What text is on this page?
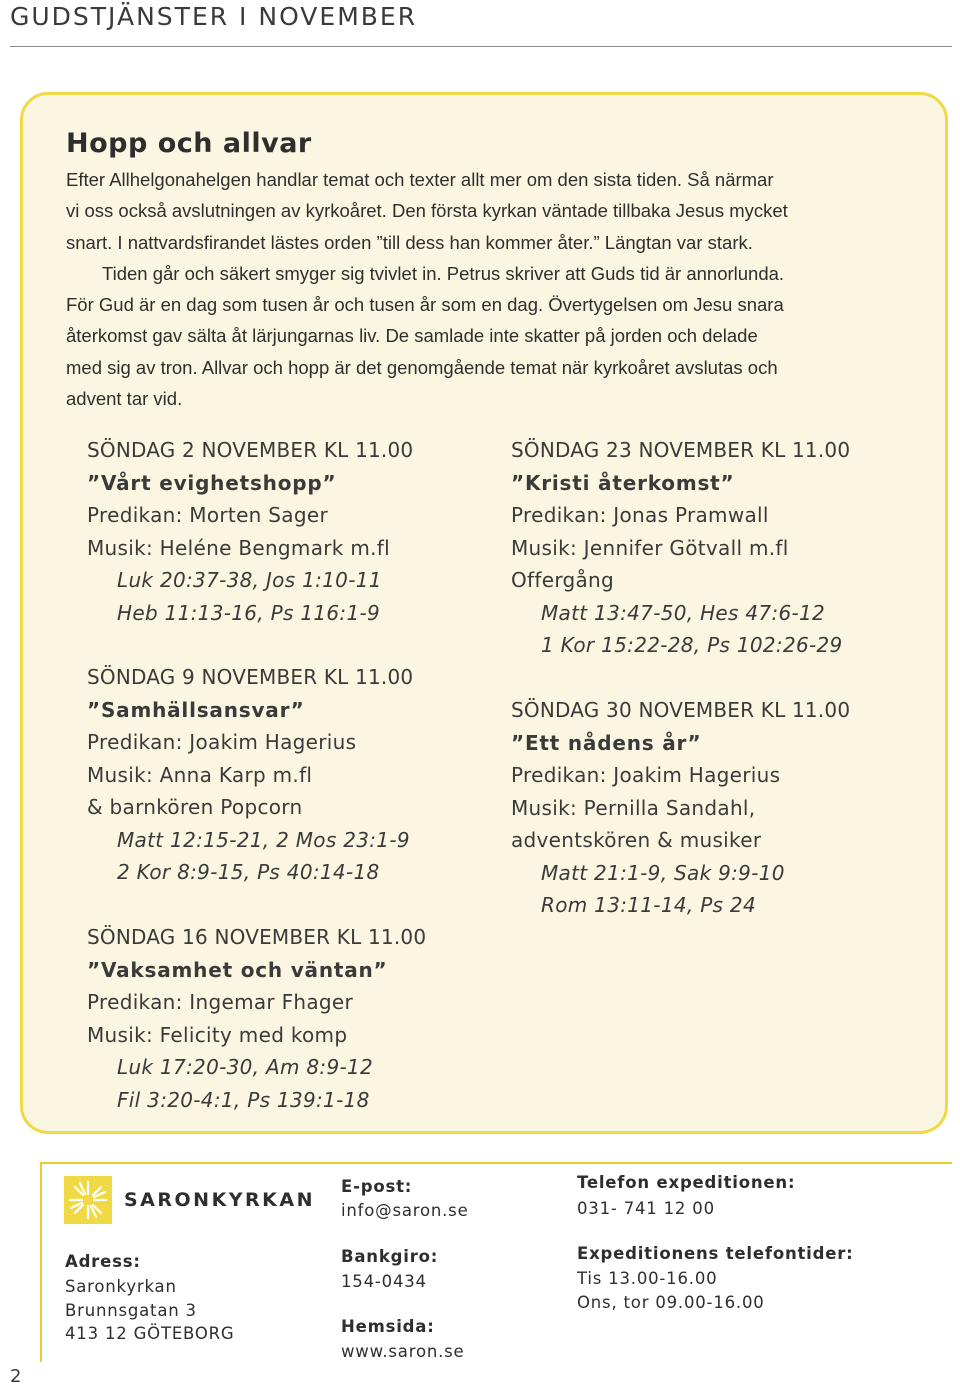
GUDSTJÄNSTER I NOVEMBER
Hopp och allvar
Efter Allhelgonahelgen handlar temat och texter allt mer om den sista tiden. Så närmar
vi oss också avslutningen av kyrkoåret. Den första kyrkan väntade tillbaka Jesus mycket
snart. I nattvardsfirandet lästes orden ”till dess han kommer åter.” Längtan var stark.
Tiden går och säkert smyger sig tvivlet in. Petrus skriver att Guds tid är annorlunda.
För Gud är en dag som tusen år och tusen år som en dag. Övertygelsen om Jesu snara
återkomst gav sälta åt lärjungarnas liv. De samlade inte skatter på jorden och delade
med sig av tron. Allvar och hopp är det genomgående temat när kyrkoåret avslutas och
advent tar vid.
SÖNDAG 2 NOVEMBER KL 11.00
”Vårt evighetshopp”
Predikan: Morten Sager
Musik: Heléne Bengmark m.fl
Luk 20:37-38, Jos 1:10-11
Heb 11:13-16, Ps 116:1-9
SÖNDAG 9 NOVEMBER KL 11.00
”Samhällsansvar”
Predikan: Joakim Hagerius
Musik: Anna Karp m.fl
& barnkören Popcorn
Matt 12:15-21, 2 Mos 23:1-9
2 Kor 8:9-15, Ps 40:14-18
SÖNDAG 16 NOVEMBER KL 11.00
”Vaksamhet och väntan”
Predikan: Ingemar Fhager
Musik: Felicity med komp
Luk 17:20-30, Am 8:9-12
Fil 3:20-4:1, Ps 139:1-18
SÖNDAG 23 NOVEMBER KL 11.00
”Kristi återkomst”
Predikan: Jonas Pramwall
Musik: Jennifer Götvall m.fl
Offergång
Matt 13:47-50, Hes 47:6-12
1 Kor 15:22-28, Ps 102:26-29
SÖNDAG 30 NOVEMBER KL 11.00
”Ett nådens år”
Predikan: Joakim Hagerius
Musik: Pernilla Sandahl,
adventskören & musiker
Matt 21:1-9, Sak 9:9-10
Rom 13:11-14, Ps 24
2
SARONKYRKAN
E-post:
info@saron.se
Telefon expeditionen:
031- 741 12 00
Adress:
Saronkyrkan
Brunnsgatan 3
413 12 GÖTEBORG
Bankgiro:
154-0434
Hemsida:
www.saron.se
Expeditionens telefontider:
Tis 13.00-16.00
Ons, tor 09.00-16.00
